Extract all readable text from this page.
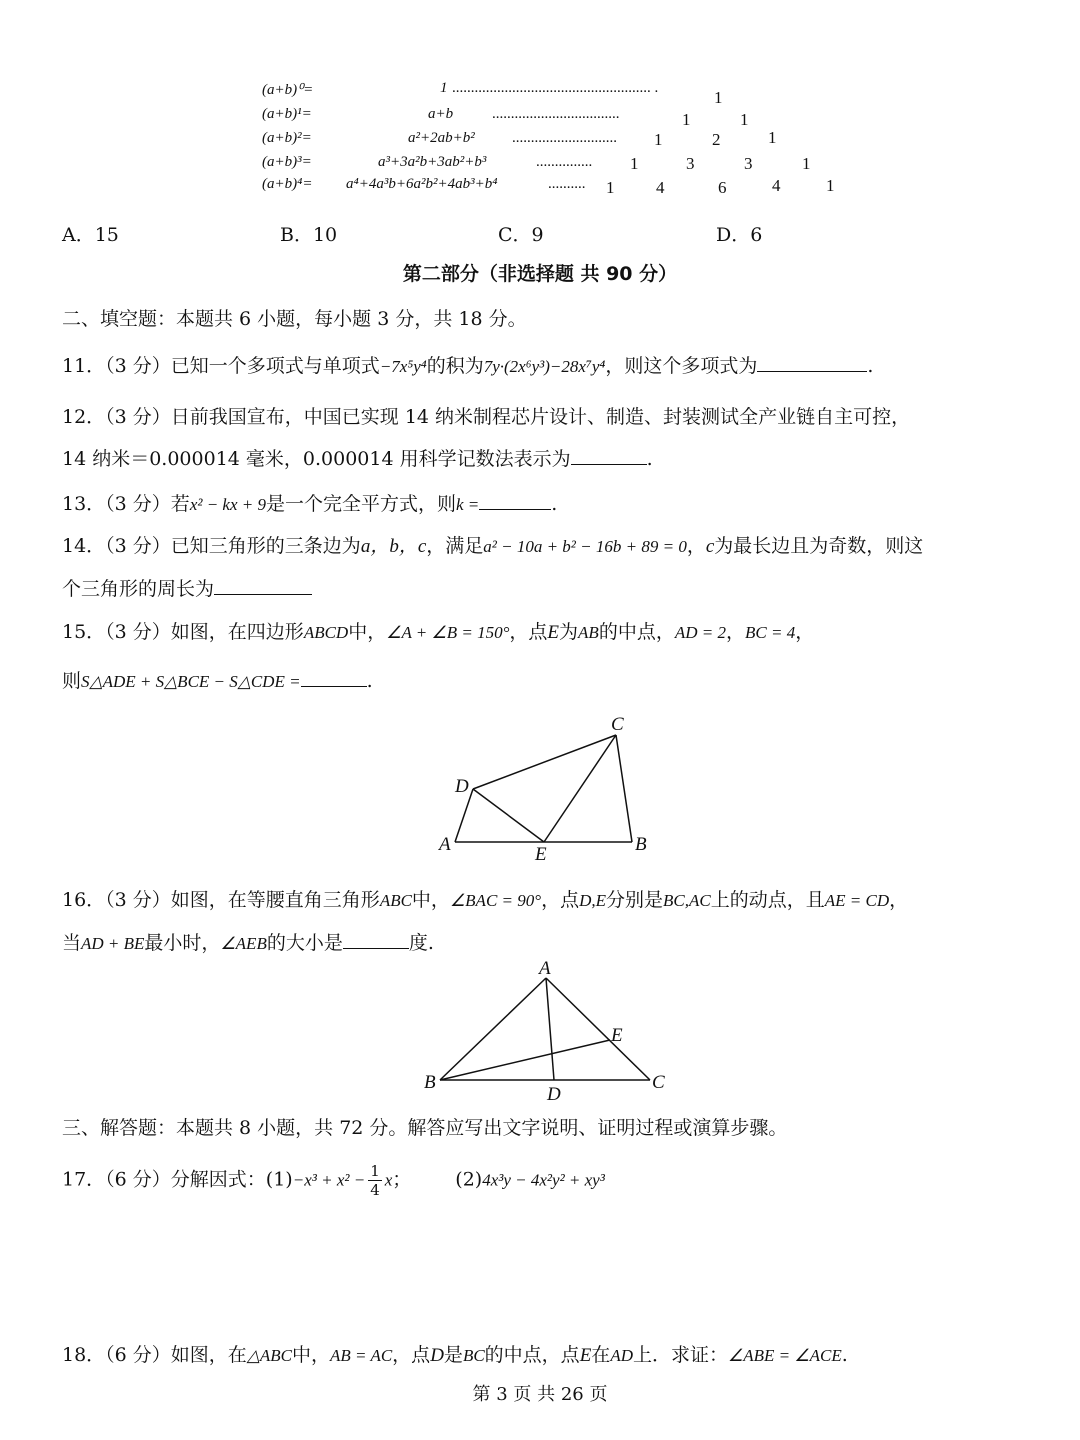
(a+b)⁰=	1 ..................................................... .	1
(a+b)¹=	a+b	..................................	1	1
(a+b)²=	a²+2ab+b² ............................ 1	2	1
(a+b)³=	a³+3a²b+3ab²+b³	............... 1	3	3	1
(a+b)⁴= a⁴+4a³b+6a²b²+4ab³+b⁴	.......... 1 4	6	4	1
A．15	B．10	C．9	D．6
第二部分（非选择题 共 90 分）
二、填空题：本题共 6 小题，每小题 3 分，共 18 分。
11．（3 分）已知一个多项式与单项式−7x⁵y⁴的积为7y·(2x⁶y³)−28x⁷y⁴，则这个多项式为	.
12．（3 分）日前我国宣布，中国已实现 14 纳米制程芯片设计、制造、封装测试全产业链自主可控，
14 纳米＝0.000014 毫米，0.000014 用科学记数法表示为	.
13．（3 分）若x² − kx + 9是一个完全平方式，则k =	.
14．（3 分）已知三角形的三条边为a，b，c，满足a² − 10a + b² − 16b + 89 = 0，c为最长边且为奇数，则这
个三角形的周长为
15．（3 分）如图，在四边形ABCD中，∠A + ∠B = 150°，点E为AB的中点，AD = 2，BC = 4，
则S△ADE + S△BCE − S△CDE =	.
A	B
C
D
E
16．（3 分）如图，在等腰直角三角形ABC中，∠BAC = 90°，点D,E分别是BC,AC上的动点，且AE = CD，
当AD + BE最小时，∠AEB的大小是	度.
A
B	C
D
E
三、解答题：本题共 8 小题，共 72 分。解答应写出文字说明、证明过程或演算步骤。
17．（6 分）分解因式：$(1)-x^3 + x^2 - \frac{1}{4}$ x； (2)4x³y − 4x²y² + xy³
18．（6 分）如图，在△ABC中，AB = AC，点D是BC的中点，点E在AD上．求证：∠ABE = ∠ACE.
第 3 页 共 26 页
